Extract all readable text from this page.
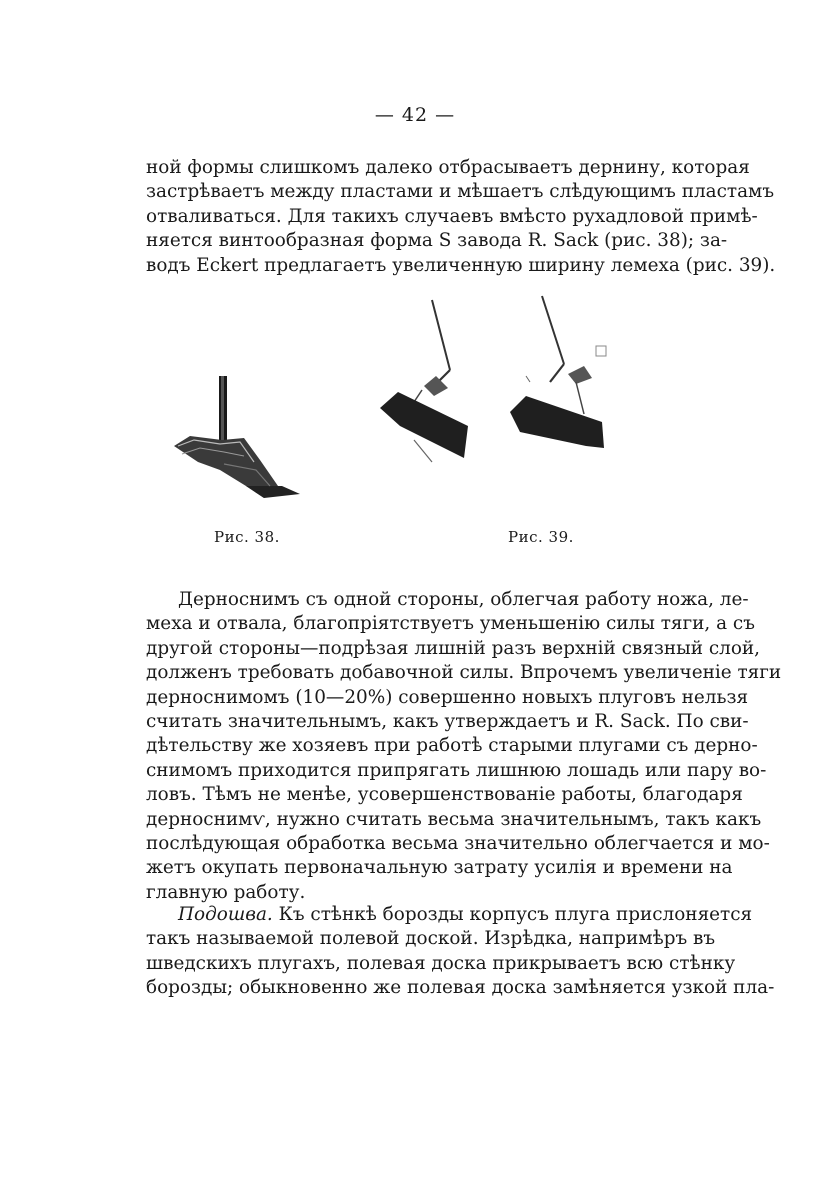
— 42 —
ной формы слишкомъ далеко отбрасываетъ дернину, которая
застрѣваетъ между пластами и мѣшаетъ слѣдующимъ пластамъ
отваливаться. Для такихъ случаевъ вмѣсто рухадловой примѣ-
няется винтообразная форма S завода R. Sack (рис. 38); за-
водъ Eckert предлагаетъ увеличенную ширину лемеха (рис. 39).
Рис. 38.	Рис. 39.
Дерноснимъ съ одной стороны, облегчая работу ножа, ле-
меха и отвала, благопріятствуетъ уменьшенію силы тяги, а съ
другой стороны—подрѣзая лишній разъ верхній связный слой,
долженъ требовать добавочной силы. Впрочемъ увеличеніе тяги
дерноснимомъ (10—20%) совершенно новыхъ плуговъ нельзя
считать значительнымъ, какъ утверждаетъ и R. Sack. По сви-
дѣтельству же хозяевъ при работѣ старыми плугами съ дерно-
снимомъ приходится припрягать лишнюю лошадь или пару во-
ловъ. Тѣмъ не менѣе, усовершенствованіе работы, благодаря
дерноснимѵ, нужно считать весьма значительнымъ, такъ какъ
послѣдующая обработка весьма значительно облегчается и мо-
жетъ окупать первоначальную затрату усилія и времени на
главную работу.
Подошва. Къ стѣнкѣ борозды корпусъ плуга прислоняется
такъ называемой полевой доской. Изрѣдка, напримѣръ въ
шведскихъ плугахъ, полевая доска прикрываетъ всю стѣнку
борозды; обыкновенно же полевая доска замѣняется узкой пла-
